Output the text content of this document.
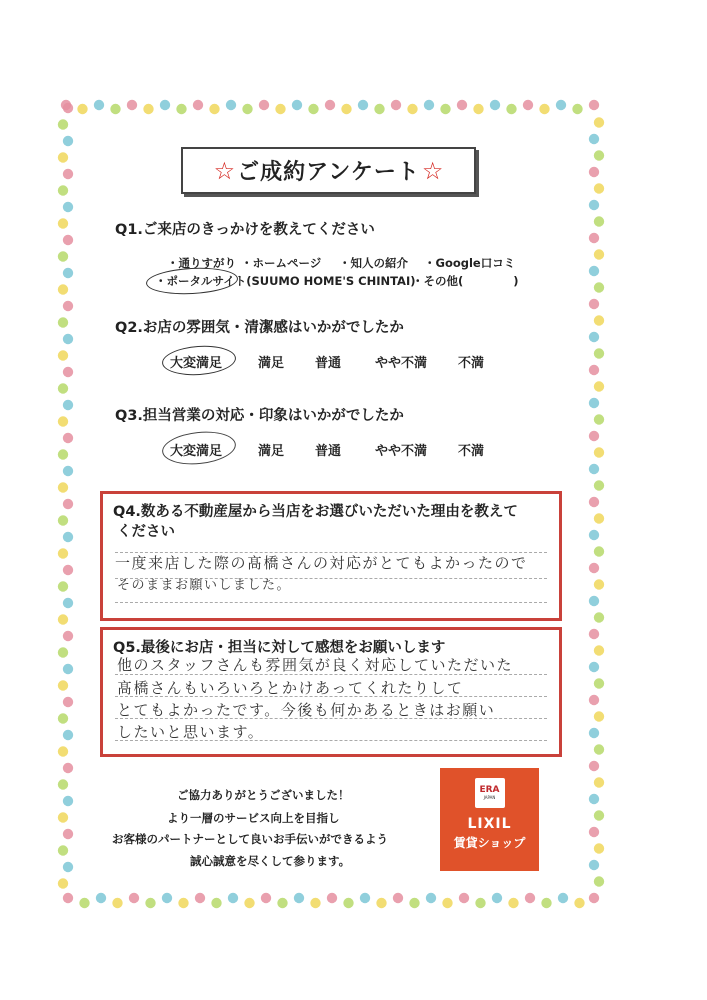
☆ ご成約アンケート ☆
Q1.ご来店のきっかけを教えてください
・通りすがり ・ホームページ ・知人の紹介 ・Google口コミ
・ポータルサイト(SUUMO HOME'S CHINTAI)
・その他(　　　　 )
Q2.お店の雰囲気・清潔感はいかがでしたか
大変満足	満足 普通	やや不満 不満
Q3.担当営業の対応・印象はいかがでしたか
大変満足	満足 普通	やや不満 不満
Q4.数ある不動産屋から当店をお選びいただいた理由を教えて
ください
一度来店した際の髙橋さんの対応がとてもよかったので
そのままお願いしました。
Q5.最後にお店・担当に対して感想をお願いします
他のスタッフさんも雰囲気が良く対応していただいた
髙橋さんもいろいろとかけあってくれたりして
とてもよかったです。今後も何かあるときはお願い
したいと思います。
ご協力ありがとうございました！
より一層のサービス向上を目指し
お客様のパートナーとして良いお手伝いができるよう
誠心誠意を尽くして参ります。
ERA
JAPAN
LIXIL
賃貸ショップ
